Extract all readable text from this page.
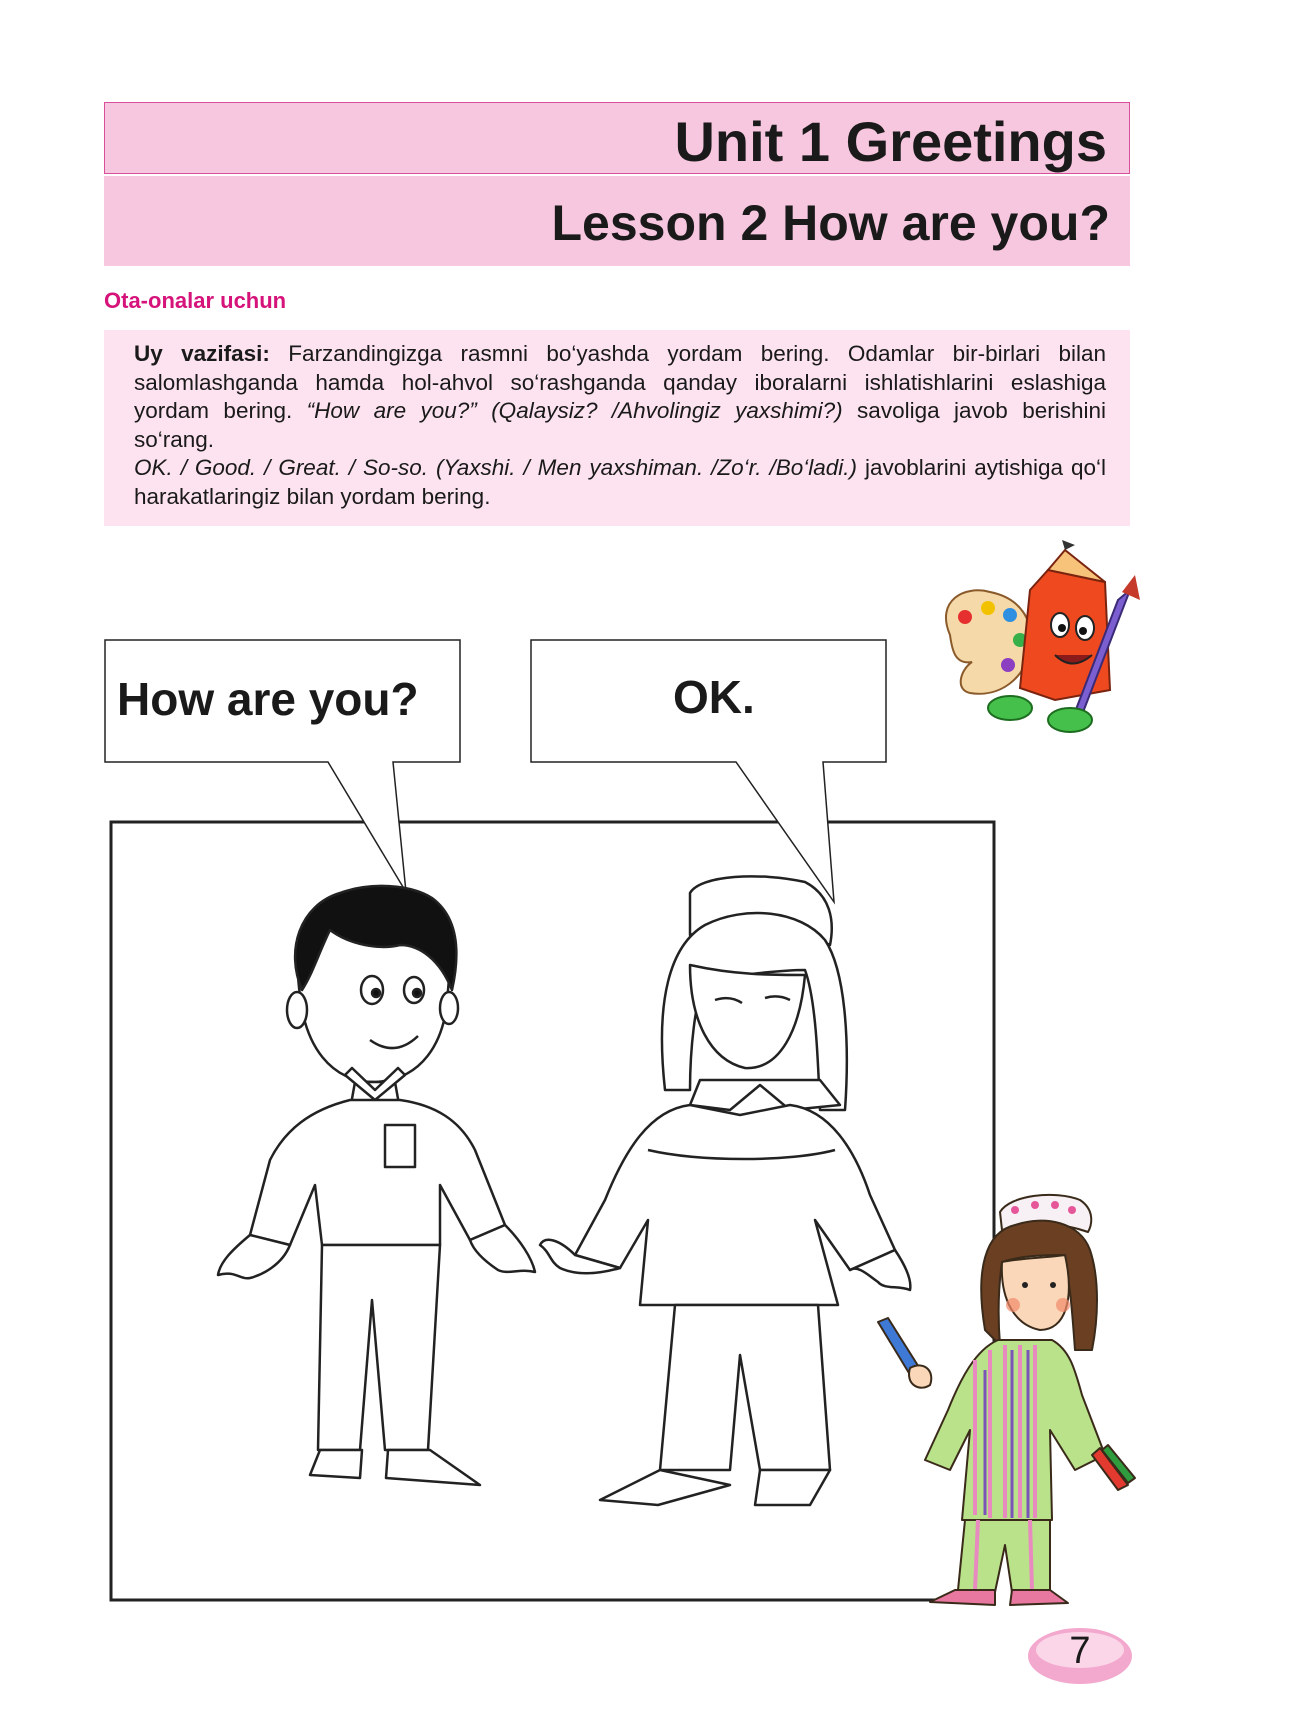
Unit 1 Greetings
Lesson 2 How are you?
Ota-onalar uchun

Uy vazifasi: Farzandingizga rasmni bo‘yashda yordam bering. Odamlar bir-birlari bilan salomlashganda hamda hol-ahvol so‘rashganda qanday iboralarni ishlatishlarini eslashiga yordam bering. “How are you?” (Qalaysiz? /Ahvolingiz yaxshimi?) savoliga javob berishini so‘rang.
OK. / Good. / Great. / So-so. (Yaxshi. / Men yaxshiman. /Zo‘r. /Bo‘ladi.) javoblarini aytishiga qo‘l harakatlaringiz bilan yordam bering.

How are you?	OK.
7
